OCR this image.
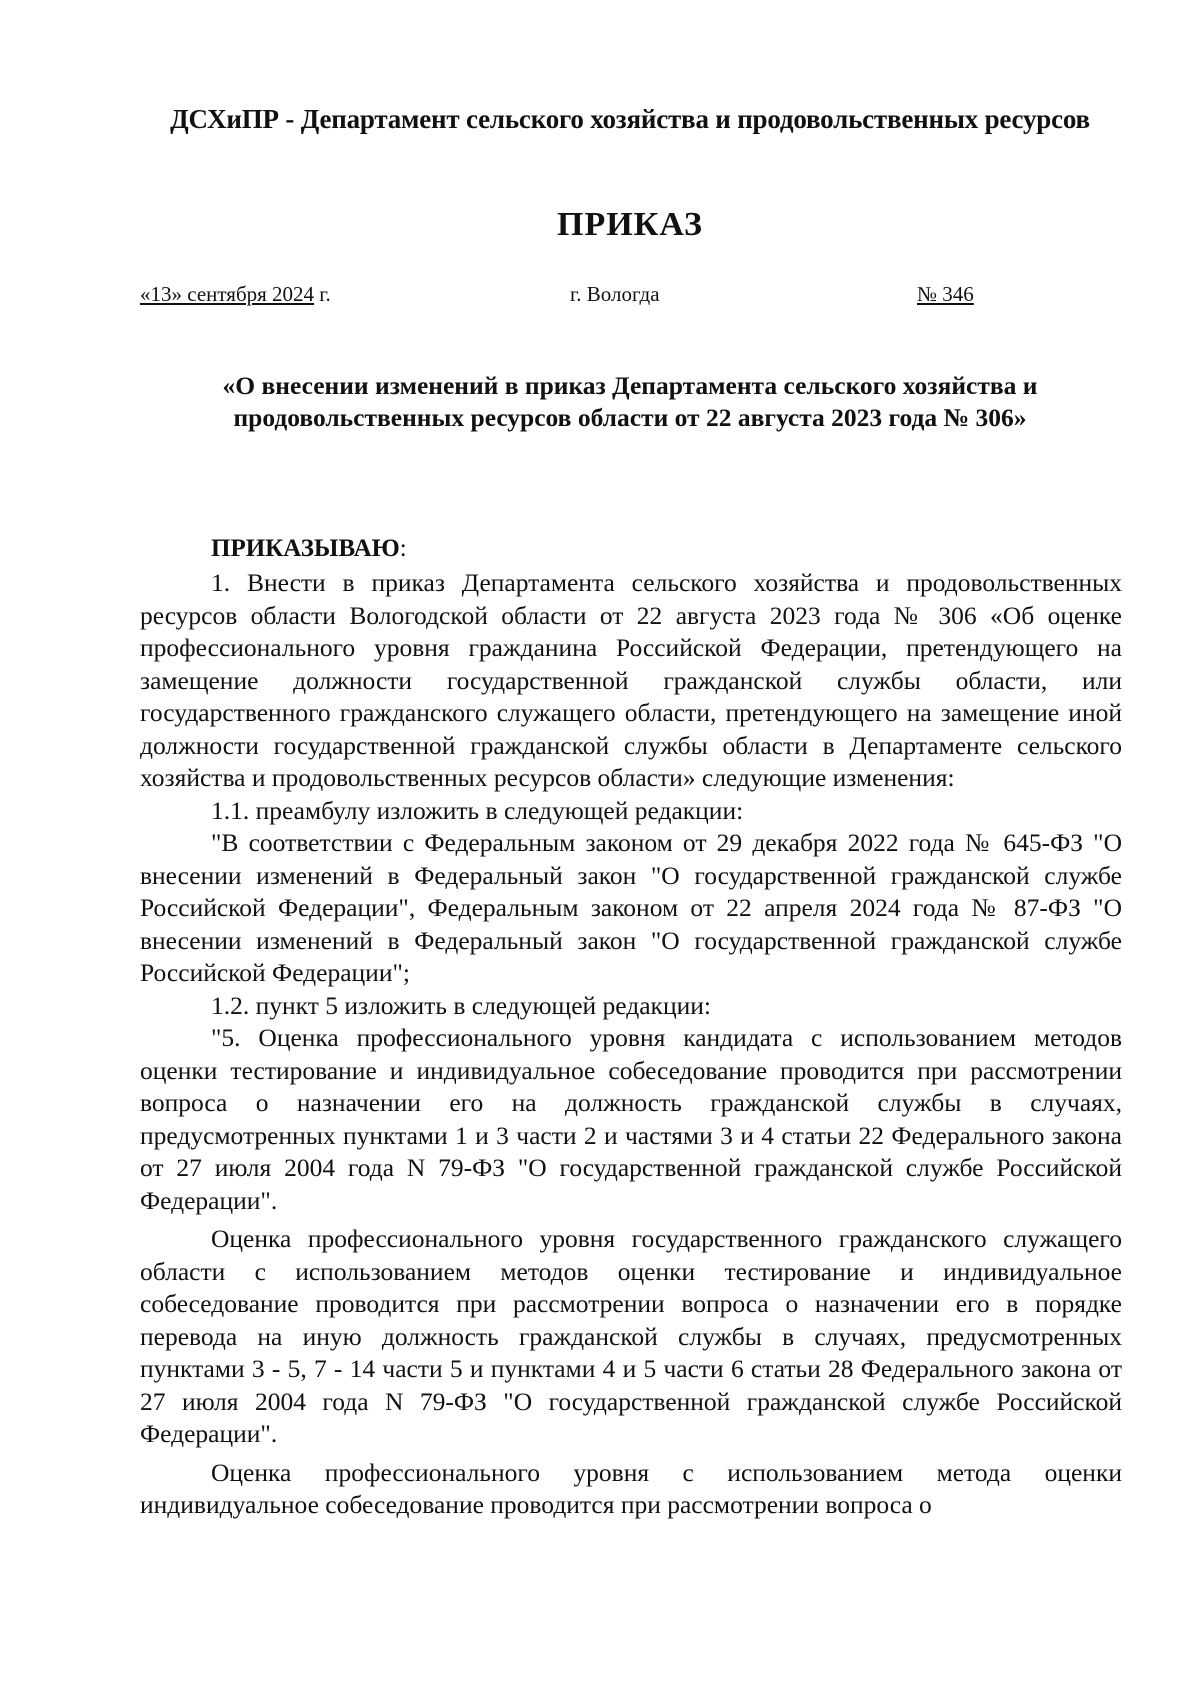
ДСХиПР - Департамент сельского хозяйства и продовольственных ресурсов
ПРИКАЗ
«13» сентября 2024 г.	г. Вологда	№ 346
«О внесении изменений в приказ Департамента сельского хозяйства и продовольственных ресурсов области от 22 августа 2023 года № 306»
ПРИКАЗЫВАЮ:

1. Внести в приказ Департамента сельского хозяйства и продовольственных ресурсов области Вологодской области от 22 августа 2023 года № 306 «Об оценке профессионального уровня гражданина Российской Федерации, претендующего на замещение должности государственной гражданской службы области, или государственного гражданского служащего области, претендующего на замещение иной должности государственной гражданской службы области в Департаменте сельского хозяйства и продовольственных ресурсов области» следующие изменения:

1.1. преамбулу изложить в следующей редакции:

"В соответствии с Федеральным законом от 29 декабря 2022 года № 645-ФЗ "О внесении изменений в Федеральный закон "О государственной гражданской службе Российской Федерации", Федеральным законом от 22 апреля 2024 года № 87-ФЗ "О внесении изменений в Федеральный закон "О государственной гражданской службе Российской Федерации";

1.2. пункт 5 изложить в следующей редакции:

"5. Оценка профессионального уровня кандидата с использованием методов оценки тестирование и индивидуальное собеседование проводится при рассмотрении вопроса о назначении его на должность гражданской службы в случаях, предусмотренных пунктами 1 и 3 части 2 и частями 3 и 4 статьи 22 Федерального закона от 27 июля 2004 года N 79-ФЗ "О государственной гражданской службе Российской Федерации".

Оценка профессионального уровня государственного гражданского служащего области с использованием методов оценки тестирование и индивидуальное собеседование проводится при рассмотрении вопроса о назначении его в порядке перевода на иную должность гражданской службы в случаях, предусмотренных пунктами 3 - 5, 7 - 14 части 5 и пунктами 4 и 5 части 6 статьи 28 Федерального закона от 27 июля 2004 года N 79-ФЗ "О государственной гражданской службе Российской Федерации".

Оценка профессионального уровня с использованием метода оценки индивидуальное собеседование проводится при рассмотрении вопроса о
